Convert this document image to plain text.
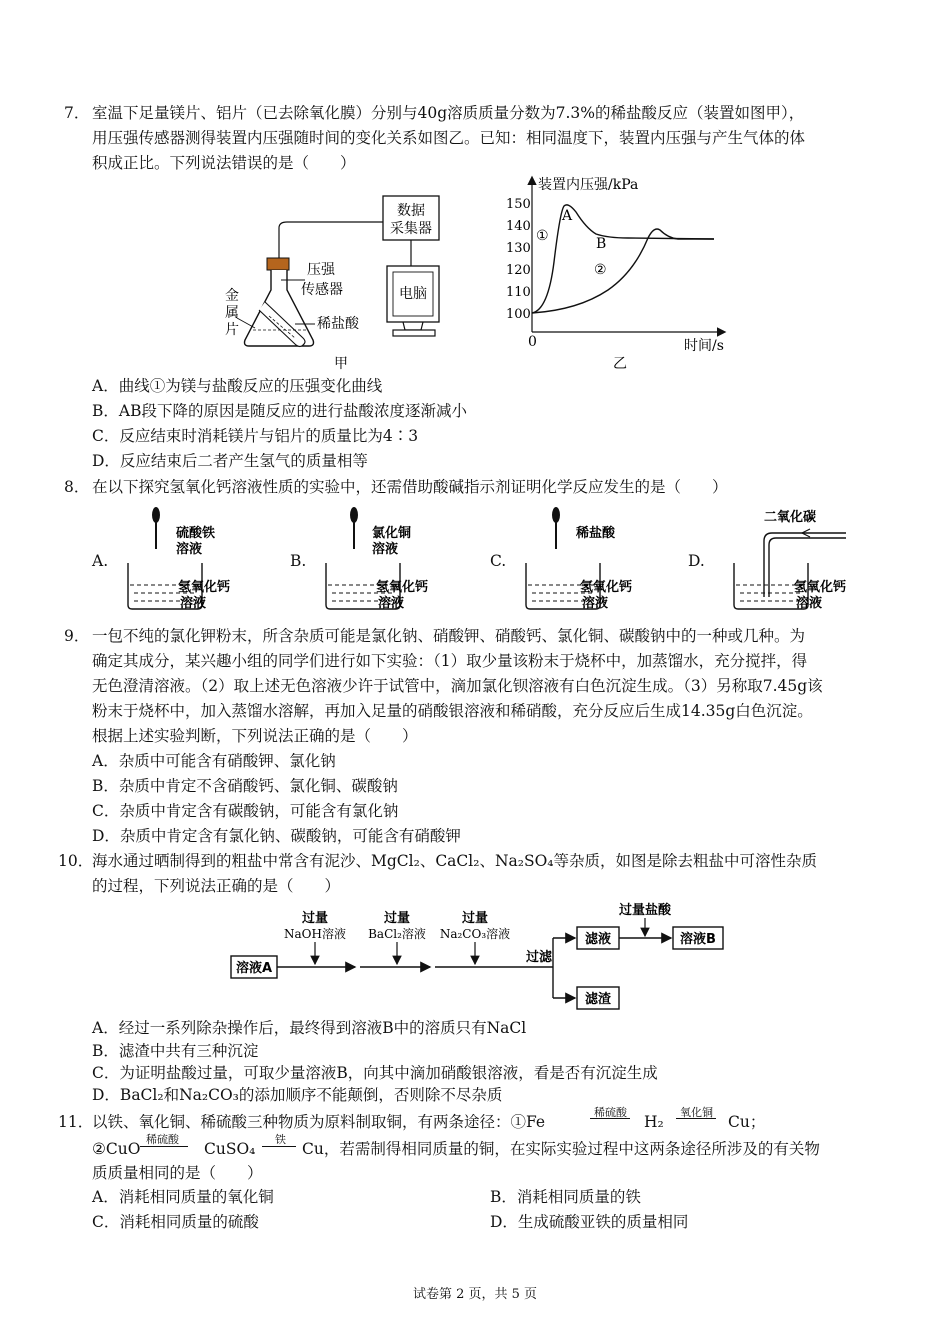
7． 室温下足量镁片、铝片（已去除氧化膜）分别与40g溶质质量分数为7.3%的稀盐酸反应（装置如图甲），
用压强传感器测得装置内压强随时间的变化关系如图乙。已知：相同温度下，装置内压强与产生气体的体
积成正比。下列说法错误的是（　　）
数据
采集器
电脑
压强
传感器
稀盐酸
金
属
片
甲
装置内压强/kPa
时间/s
0
150
140
130
120
110
100
A
B
①
②
乙
A．曲线①为镁与盐酸反应的压强变化曲线
B．AB段下降的原因是随反应的进行盐酸浓度逐渐减小
C．反应结束时消耗镁片与铝片的质量比为4∶3
D．反应结束后二者产生氢气的质量相等
8． 在以下探究氢氧化钙溶液性质的实验中，还需借助酸碱指示剂证明化学反应发生的是（　　）
A.
硫酸铁
溶液
氢氧化钙
溶液
B.
氯化铜
溶液
氢氧化钙
溶液
C.
稀盐酸
氢氧化钙
溶液
D.
二氧化碳
氢氧化钙
溶液
9． 一包不纯的氯化钾粉末，所含杂质可能是氯化钠、硝酸钾、硝酸钙、氯化铜、碳酸钠中的一种或几种。为
确定其成分，某兴趣小组的同学们进行如下实验：（1）取少量该粉末于烧杯中，加蒸馏水，充分搅拌，得
无色澄清溶液。（2）取上述无色溶液少许于试管中，滴加氯化钡溶液有白色沉淀生成。（3）另称取7.45g该
粉末于烧杯中，加入蒸馏水溶解，再加入足量的硝酸银溶液和稀硝酸，充分反应后生成14.35g白色沉淀。
根据上述实验判断，下列说法正确的是（　　）
A．杂质中可能含有硝酸钾、氯化钠
B．杂质中肯定不含硝酸钙、氯化铜、碳酸钠
C．杂质中肯定含有碳酸钠，可能含有氯化钠
D．杂质中肯定含有氯化钠、碳酸钠，可能含有硝酸钾
10．
海水通过晒制得到的粗盐中常含有泥沙、MgCl₂、CaCl₂、Na₂SO₄等杂质，如图是除去粗盐中可溶性杂质
的过程，下列说法正确的是（　　）
溶液A
过量
NaOH溶液
过量
BaCl₂溶液
过量
Na₂CO₃溶液
过滤
滤液
滤渣
过量盐酸
溶液B
A．经过一系列除杂操作后，最终得到溶液B中的溶质只有NaCl
B．滤渣中共有三种沉淀
C．为证明盐酸过量，可取少量溶液B，向其中滴加硝酸银溶液，看是否有沉淀生成
D．BaCl₂和Na₂CO₃的添加顺序不能颠倒，否则除不尽杂质
11．
以铁、氧化铜、稀硫酸三种物质为原料制取铜，有两条途径：①Fe
稀硫酸
H₂
氧化铜
Cu；
②CuO
稀硫酸
CuSO₄
铁
Cu，若需制得相同质量的铜，在实际实验过程中这两条途径所涉及的有关物
质质量相同的是（　　）
A．消耗相同质量的氧化铜	B．消耗相同质量的铁
C．消耗相同质量的硫酸	D．生成硫酸亚铁的质量相同
试卷第 2 页，共 5 页
